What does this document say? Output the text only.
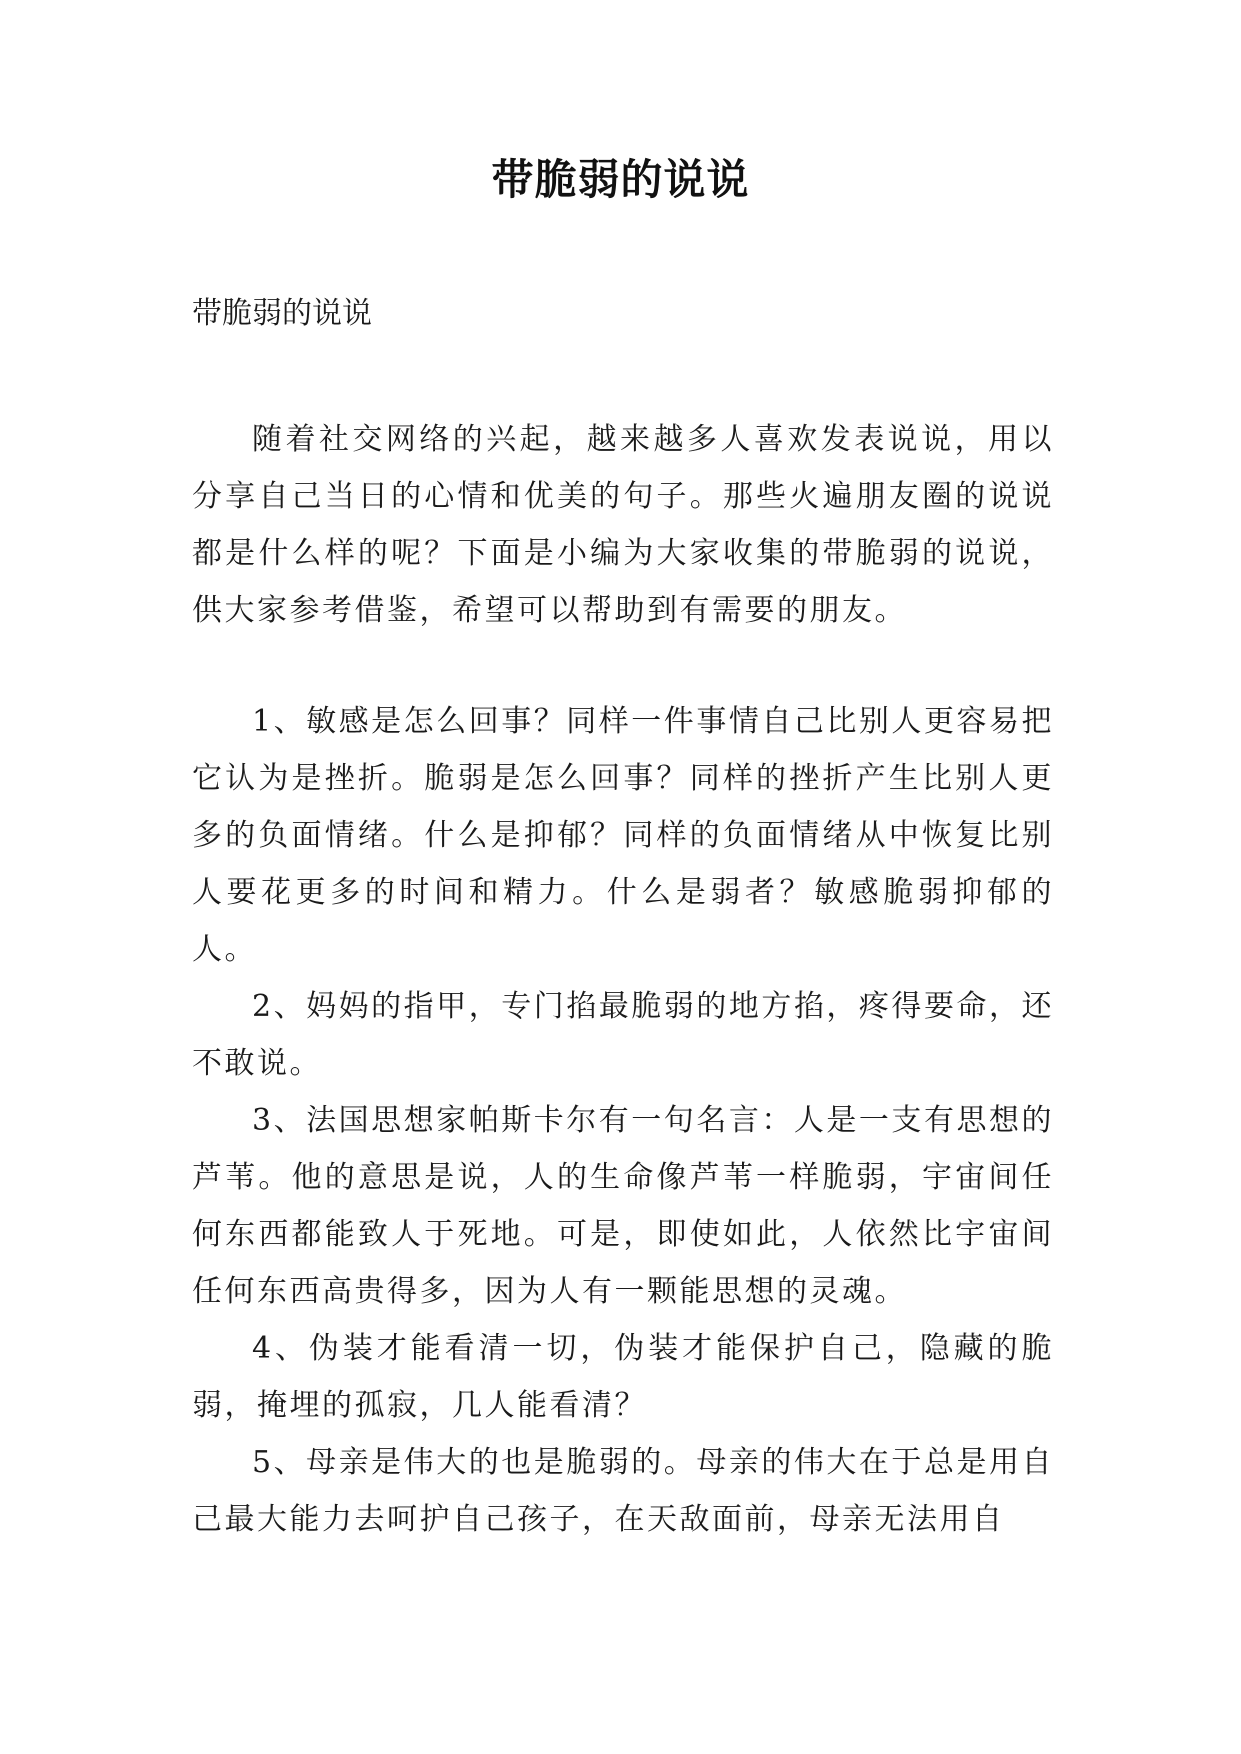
带脆弱的说说
带脆弱的说说

随着社交网络的兴起，越来越多人喜欢发表说说，用以分享自己当日的心情和优美的句子。那些火遍朋友圈的说说都是什么样的呢？下面是小编为大家收集的带脆弱的说说，供大家参考借鉴，希望可以帮助到有需要的朋友。

1、敏感是怎么回事？同样一件事情自己比别人更容易把它认为是挫折。脆弱是怎么回事？同样的挫折产生比别人更多的负面情绪。什么是抑郁？同样的负面情绪从中恢复比别人要花更多的时间和精力。什么是弱者？敏感脆弱抑郁的人。

2、妈妈的指甲，专门掐最脆弱的地方掐，疼得要命，还不敢说。

3、法国思想家帕斯卡尔有一句名言：人是一支有思想的芦苇。他的意思是说，人的生命像芦苇一样脆弱，宇宙间任何东西都能致人于死地。可是，即使如此，人依然比宇宙间任何东西高贵得多，因为人有一颗能思想的灵魂。

4、伪装才能看清一切，伪装才能保护自己，隐藏的脆弱，掩埋的孤寂，几人能看清？

5、母亲是伟大的也是脆弱的。母亲的伟大在于总是用自己最大能力去呵护自己孩子，在天敌面前，母亲无法用自
